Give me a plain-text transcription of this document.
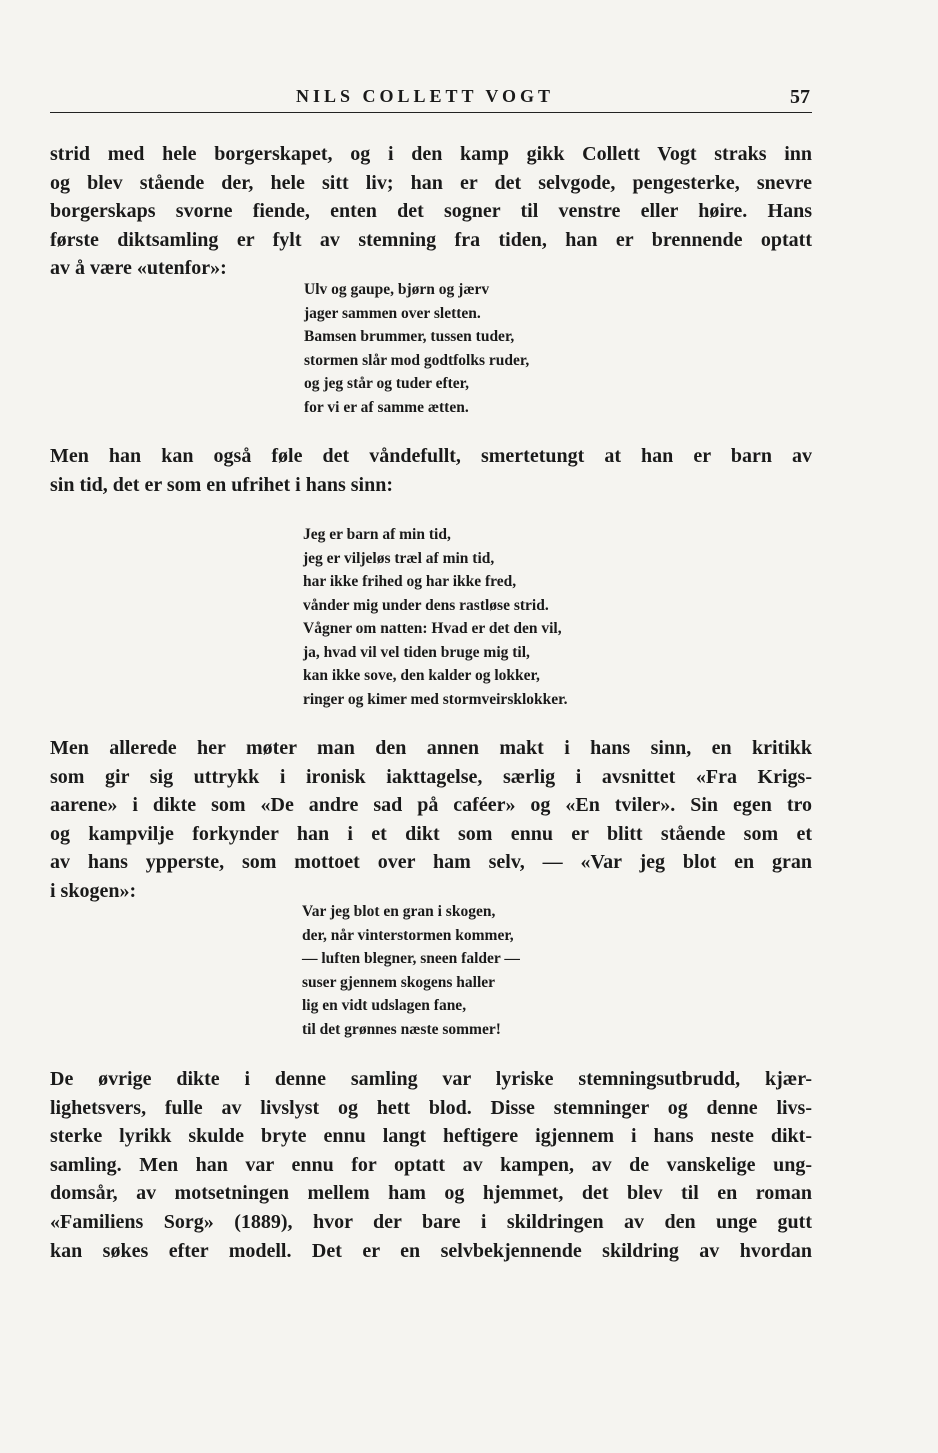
NILS COLLETT VOGT	57

strid med hele borgerskapet, og i den kamp gikk Collett Vogt straks inn
og blev stående der, hele sitt liv; han er det selvgode, pengesterke, snevre
borgerskaps svorne fiende, enten det sogner til venstre eller høire. Hans
første diktsamling er fylt av stemning fra tiden, han er brennende optatt
av å være «utenfor»:

Ulv og gaupe, bjørn og jærv
jager sammen over sletten.
Bamsen brummer, tussen tuder,
stormen slår mod godtfolks ruder,
og jeg står og tuder efter,
for vi er af samme ætten.

Men han kan også føle det våndefullt, smertetungt at han er barn av
sin tid, det er som en ufrihet i hans sinn:

Jeg er barn af min tid,
jeg er viljeløs træl af min tid,
har ikke frihed og har ikke fred,
vånder mig under dens rastløse strid.
Vågner om natten: Hvad er det den vil,
ja, hvad vil vel tiden bruge mig til,
kan ikke sove, den kalder og lokker,
ringer og kimer med stormveirsklokker.

Men allerede her møter man den annen makt i hans sinn, en kritikk
som gir sig uttrykk i ironisk iakttagelse, særlig i avsnittet «Fra Krigs-
aarene» i dikte som «De andre sad på caféer» og «En tviler». Sin egen tro
og kampvilje forkynder han i et dikt som ennu er blitt stående som et
av hans ypperste, som mottoet over ham selv, — «Var jeg blot en gran
i skogen»:

Var jeg blot en gran i skogen,
der, når vinterstormen kommer,
— luften blegner, sneen falder —
suser gjennem skogens haller
lig en vidt udslagen fane,
til det grønnes næste sommer!

De øvrige dikte i denne samling var lyriske stemningsutbrudd, kjær-
lighetsvers, fulle av livslyst og hett blod. Disse stemninger og denne livs-
sterke lyrikk skulde bryte ennu langt heftigere igjennem i hans neste dikt-
samling. Men han var ennu for optatt av kampen, av de vanskelige ung-
domsår, av motsetningen mellem ham og hjemmet, det blev til en roman
«Familiens Sorg» (1889), hvor der bare i skildringen av den unge gutt
kan søkes efter modell. Det er en selvbekjennende skildring av hvordan
